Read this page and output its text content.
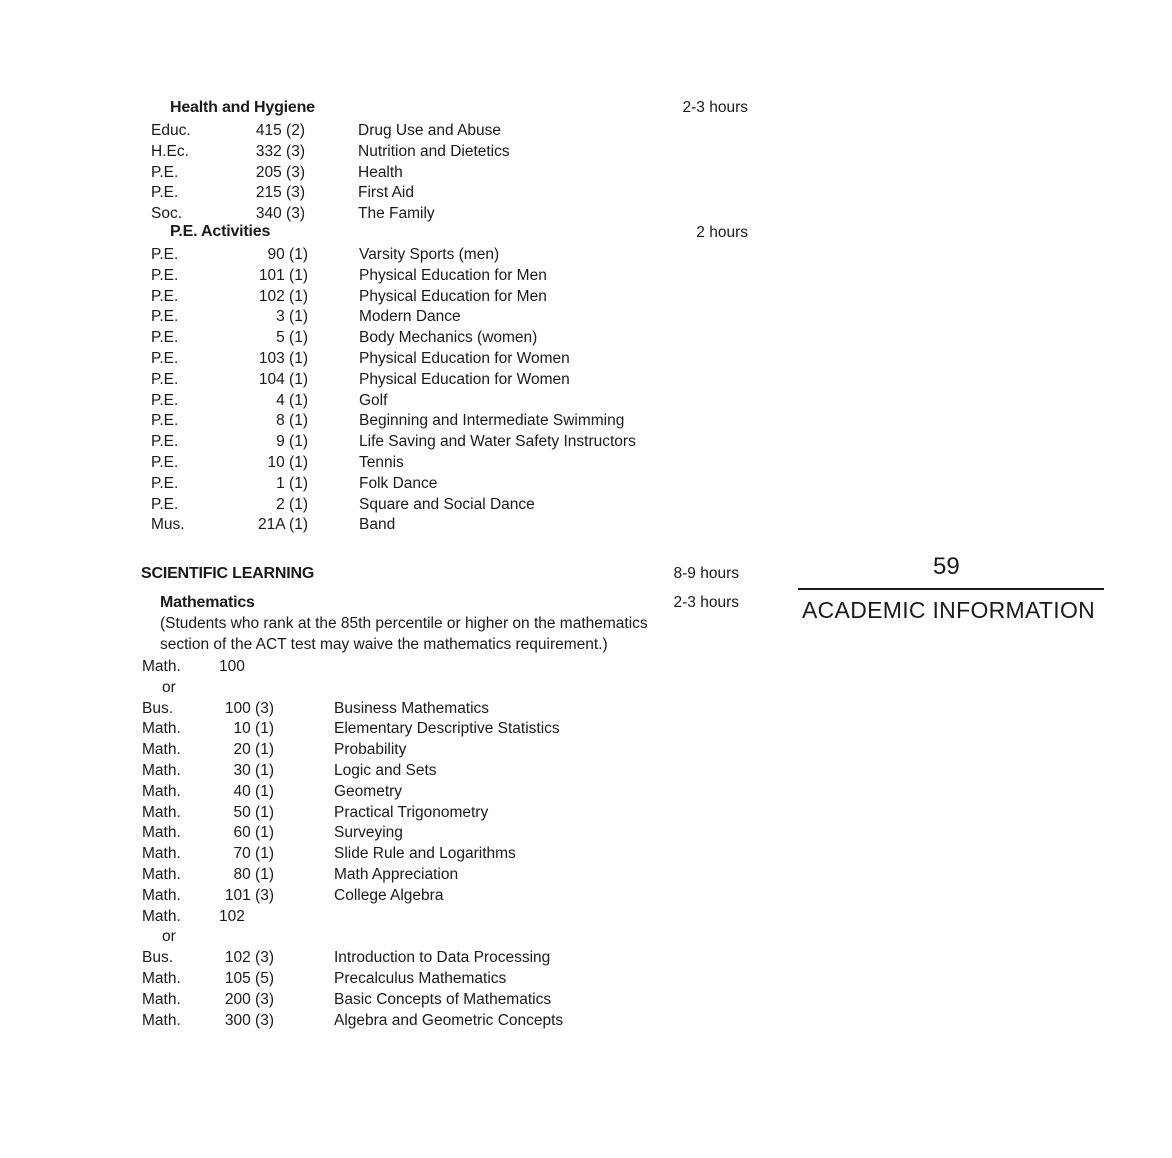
Health and Hygiene	2-3 hours
Educ.	415 (2)	Drug Use and Abuse
H.Ec.	332 (3)	Nutrition and Dietetics
P.E.	205 (3)	Health
P.E.	215 (3)	First Aid
Soc.	340 (3)	The Family
P.E. Activities	2 hours
P.E.	90 (1)	Varsity Sports (men)
P.E.	101 (1)	Physical Education for Men
P.E.	102 (1)	Physical Education for Men
P.E.	3 (1)	Modern Dance
P.E.	5 (1)	Body Mechanics (women)
P.E.	103 (1)	Physical Education for Women
P.E.	104 (1)	Physical Education for Women
P.E.	4 (1)	Golf
P.E.	8 (1)	Beginning and Intermediate Swimming
P.E.	9 (1)	Life Saving and Water Safety Instructors
P.E.	10 (1)	Tennis
P.E.	1 (1)	Folk Dance
P.E.	2 (1)	Square and Social Dance
Mus.	21A (1)	Band
SCIENTIFIC LEARNING	8-9 hours
Mathematics	2-3 hours
(Students who rank at the 85th percentile or higher on the mathematics
section of the ACT test may waive the mathematics requirement.)
Math. 100
or
Bus.	100 (3)	Business Mathematics
Math.	10 (1)	Elementary Descriptive Statistics
Math.	20 (1)	Probability
Math.	30 (1)	Logic and Sets
Math.	40 (1)	Geometry
Math.	50 (1)	Practical Trigonometry
Math.	60 (1)	Surveying
Math.	70 (1)	Slide Rule and Logarithms
Math.	80 (1)	Math Appreciation
Math.	101 (3)	College Algebra
Math. 102
or
Bus.	102 (3)	Introduction to Data Processing
Math.	105 (5)	Precalculus Mathematics
Math.	200 (3)	Basic Concepts of Mathematics
Math.	300 (3)	Algebra and Geometric Concepts
59
ACADEMIC INFORMATION
